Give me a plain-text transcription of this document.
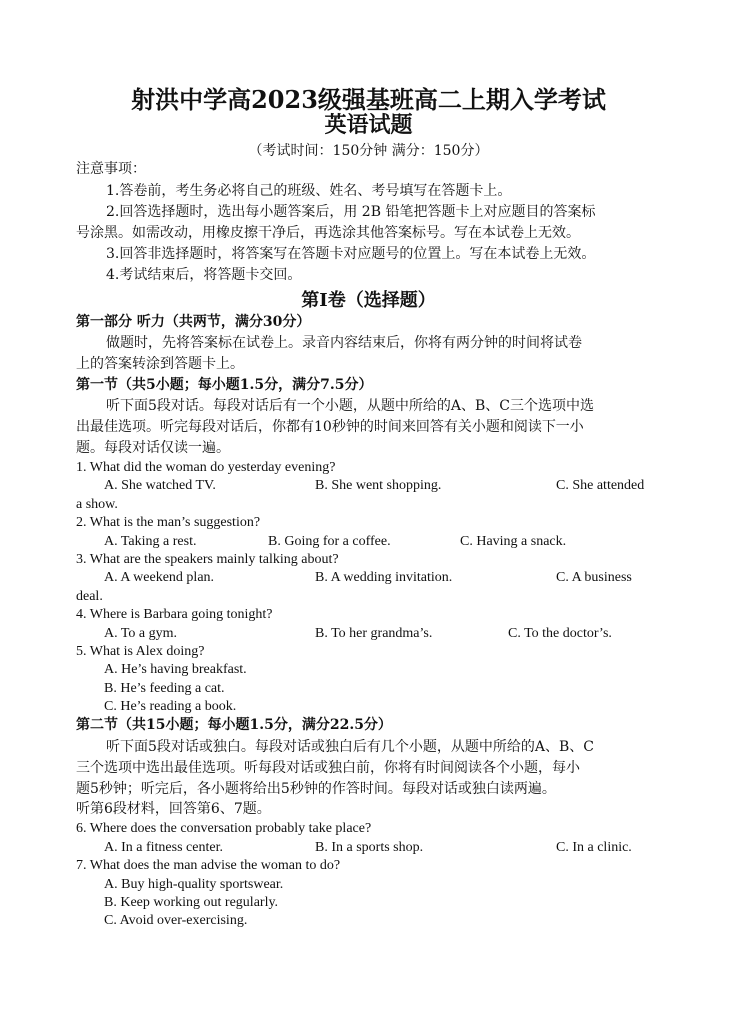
射洪中学高2023级强基班高二上期入学考试
英语试题
（考试时间：150分钟 满分：150分）
注意事项：
1.答卷前，考生务必将自己的班级、姓名、考号填写在答题卡上。
2.回答选择题时，选出每小题答案后，用 2B 铅笔把答题卡上对应题目的答案标
号涂黑。如需改动，用橡皮擦干净后，再选涂其他答案标号。写在本试卷上无效。
3.回答非选择题时，将答案写在答题卡对应题号的位置上。写在本试卷上无效。
4.考试结束后，将答题卡交回。
第Ⅰ卷（选择题）
第一部分 听力（共两节，满分30分）
做题时，先将答案标在试卷上。录音内容结束后，你将有两分钟的时间将试卷
上的答案转涂到答题卡上。
第一节（共5小题；每小题1.5分，满分7.5分）
听下面5段对话。每段对话后有一个小题，从题中所给的A、B、C三个选项中选
出最佳选项。听完每段对话后，你都有10秒钟的时间来回答有关小题和阅读下一小
题。每段对话仅读一遍。
1. What did the woman do yesterday evening?
A. She watched TV.	B. She went shopping.	C. She attended
a show.
2. What is the man’s suggestion?
A. Taking a rest.	B. Going for a coffee.	C. Having a snack.
3. What are the speakers mainly talking about?
A. A weekend plan.	B. A wedding invitation.	C. A business
deal.
4. Where is Barbara going tonight?
A. To a gym.	B. To her grandma’s.	C. To the doctor’s.
5. What is Alex doing?
A. He’s having breakfast.
B. He’s feeding a cat.
C. He’s reading a book.
第二节（共15小题；每小题1.5分，满分22.5分）
听下面5段对话或独白。每段对话或独白后有几个小题，从题中所给的A、B、C
三个选项中选出最佳选项。听每段对话或独白前，你将有时间阅读各个小题，每小
题5秒钟；听完后，各小题将给出5秒钟的作答时间。每段对话或独白读两遍。
听第6段材料，回答第6、7题。
6. Where does the conversation probably take place?
A. In a fitness center.	B. In a sports shop.	C. In a clinic.
7. What does the man advise the woman to do?
A. Buy high-quality sportswear.
B. Keep working out regularly.
C. Avoid over-exercising.
